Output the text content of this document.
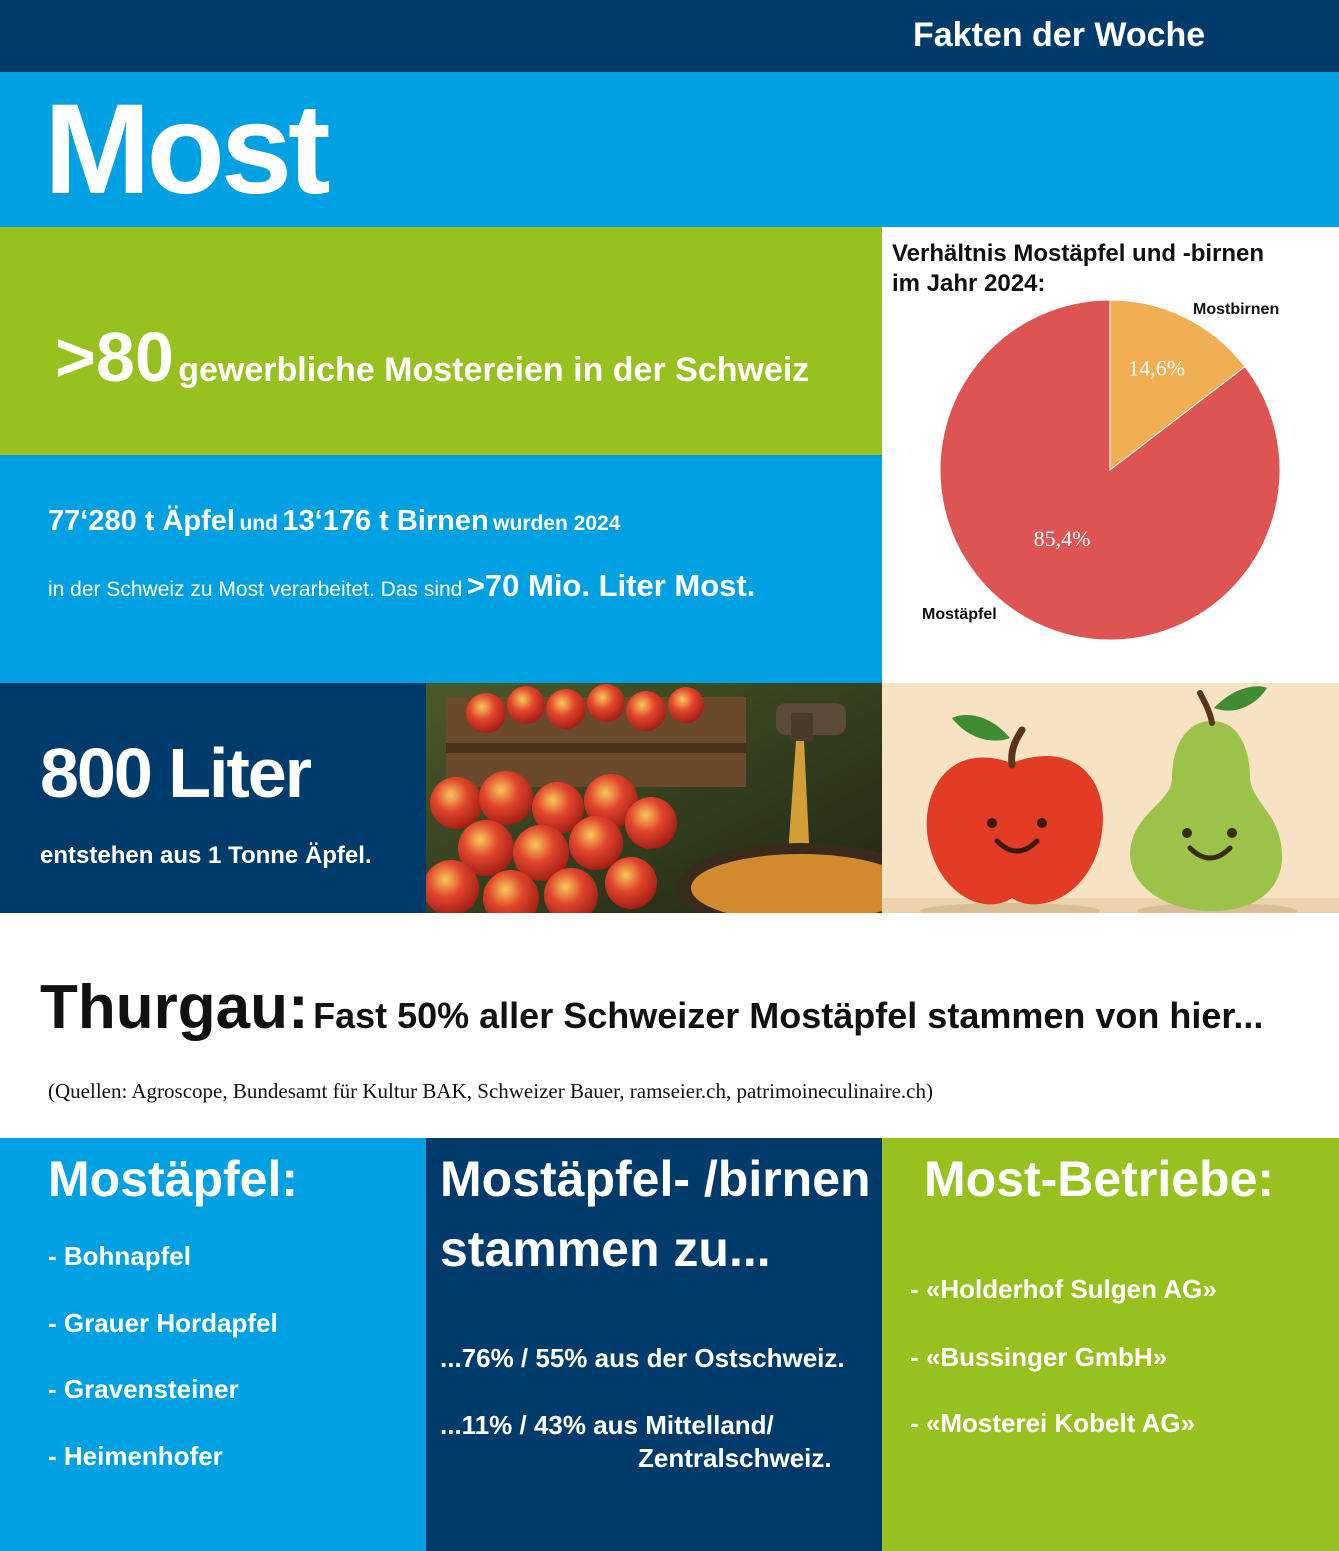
Fakten der Woche
Most
>80 gewerbliche Mostereien in der Schweiz
77‘280 t Äpfel und 13‘176 t Birnen wurden 2024
in der Schweiz zu Most verarbeitet. Das sind >70 Mio. Liter Most.
Verhältnis Mostäpfel und -birnen
im Jahr 2024:
14,6%
Mostbirnen
85,4%
Mostäpfel
800 Liter
entstehen aus 1 Tonne Äpfel.
Thurgau: Fast 50% aller Schweizer Mostäpfel stammen von hier...
(Quellen: Agroscope, Bundesamt für Kultur BAK, Schweizer Bauer, ramseier.ch, patrimoineculinaire.ch)
Mostäpfel:
- Bohnapfel
- Grauer Hordapfel
- Gravensteiner
- Heimenhofer
Mostäpfel- /birnen
stammen zu...
...76% / 55% aus der Ostschweiz.
...11% / 43% aus Mittelland/
Zentralschweiz.
Most-Betriebe:
- «Holderhof Sulgen AG»
- «Bussinger GmbH»
- «Mosterei Kobelt AG»
